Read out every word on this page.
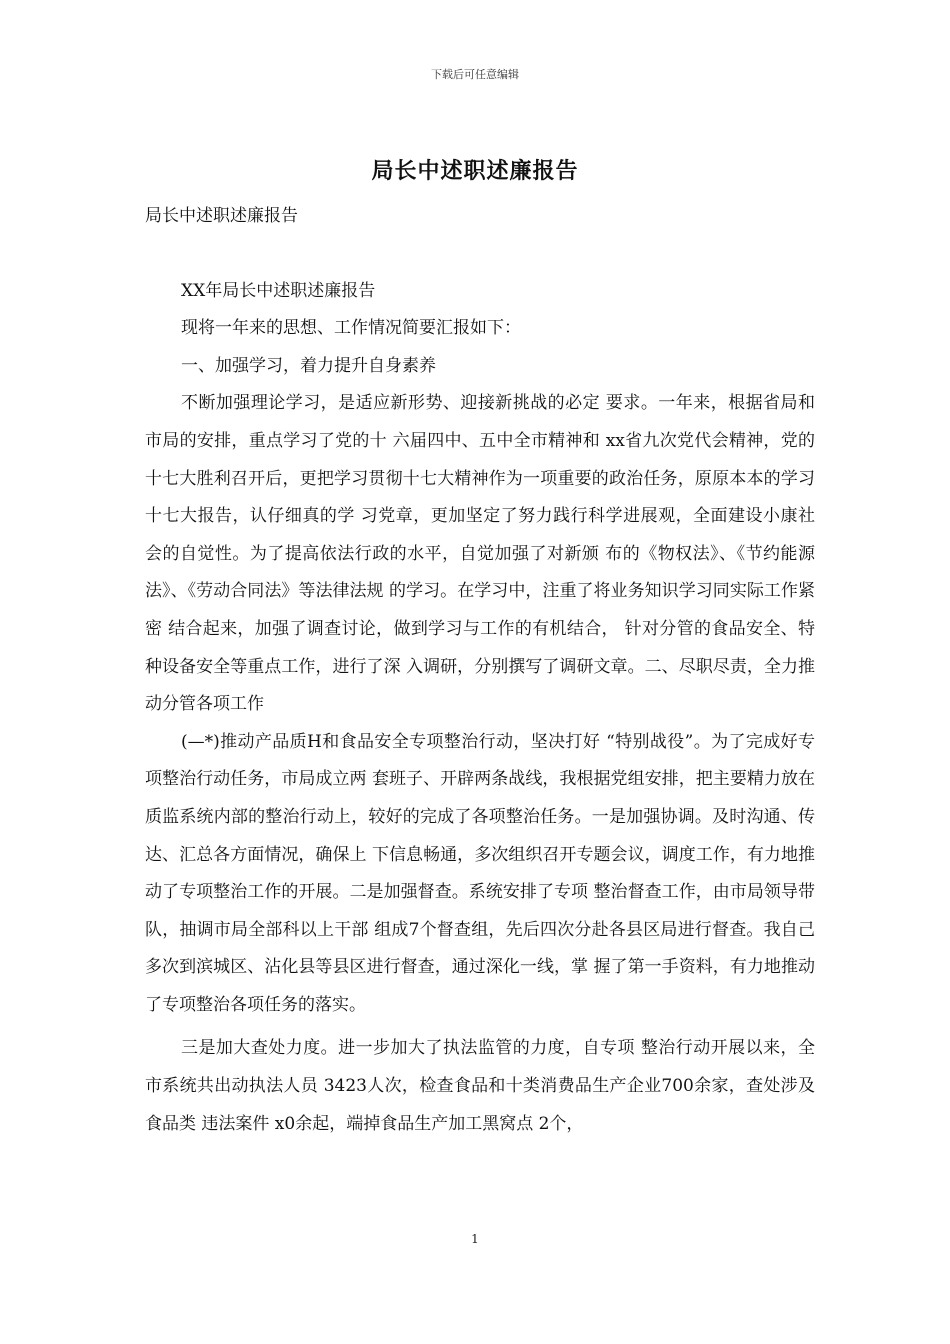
下载后可任意编辑
局长中述职述廉报告

局长中述职述廉报告

XX年局长中述职述廉报告

现将一年来的思想、工作情况简要汇报如下：

一、加强学习，着力提升自身素养

不断加强理论学习，是适应新形势、迎接新挑战的必定 要求。一年来，根据省局和市局的安排，重点学习了党的十 六届四中、五中全市精神和 xx省九次党代会精神，党的十七大胜利召开后，更把学习贯彻十七大精神作为一项重要的政治任务，原原本本的学习十七大报告，认仔细真的学 习党章，更加坚定了努力践行科学进展观，全面建设小康社 会的自觉性。为了提高依法行政的水平，自觉加强了对新颁 布的《物权法》、《节约能源法》、《劳动合同法》等法律法规 的学习。在学习中，注重了将业务知识学习同实际工作紧密 结合起来，加强了调查讨论，做到学习与工作的有机结合， 针对分管的食品安全、特种设备安全等重点工作，进行了深 入调研，分别撰写了调研文章。二、尽职尽责，全力推动分管各项工作

(—*)推动产品质H和食品安全专项整治行动，坚决打好 “特别战役”。为了完成好专项整治行动任务，市局成立两 套班子、开辟两条战线，我根据党组安排，把主要精力放在 质监系统内部的整治行动上，较好的完成了各项整治任务。一是加强协调。及时沟通、传达、汇总各方面情况，确保上 下信息畅通，多次组织召开专题会议，调度工作，有力地推动了专项整治工作的开展。二是加强督查。系统安排了专项 整治督查工作，由市局领导带队，抽调市局全部科以上干部 组成7个督查组，先后四次分赴各县区局进行督查。我自己 多次到滨城区、沾化县等县区进行督查，通过深化一线，掌 握了第一手资料，有力地推动了专项整治各项任务的落实。

三是加大查处力度。进一步加大了执法监管的力度，自专项 整治行动开展以来，全市系统共出动执法人员 3423人次，检查食品和十类消费品生产企业700余家，查处涉及食品类 违法案件 x0余起，端掉食品生产加工黑窝点 2个，

1
